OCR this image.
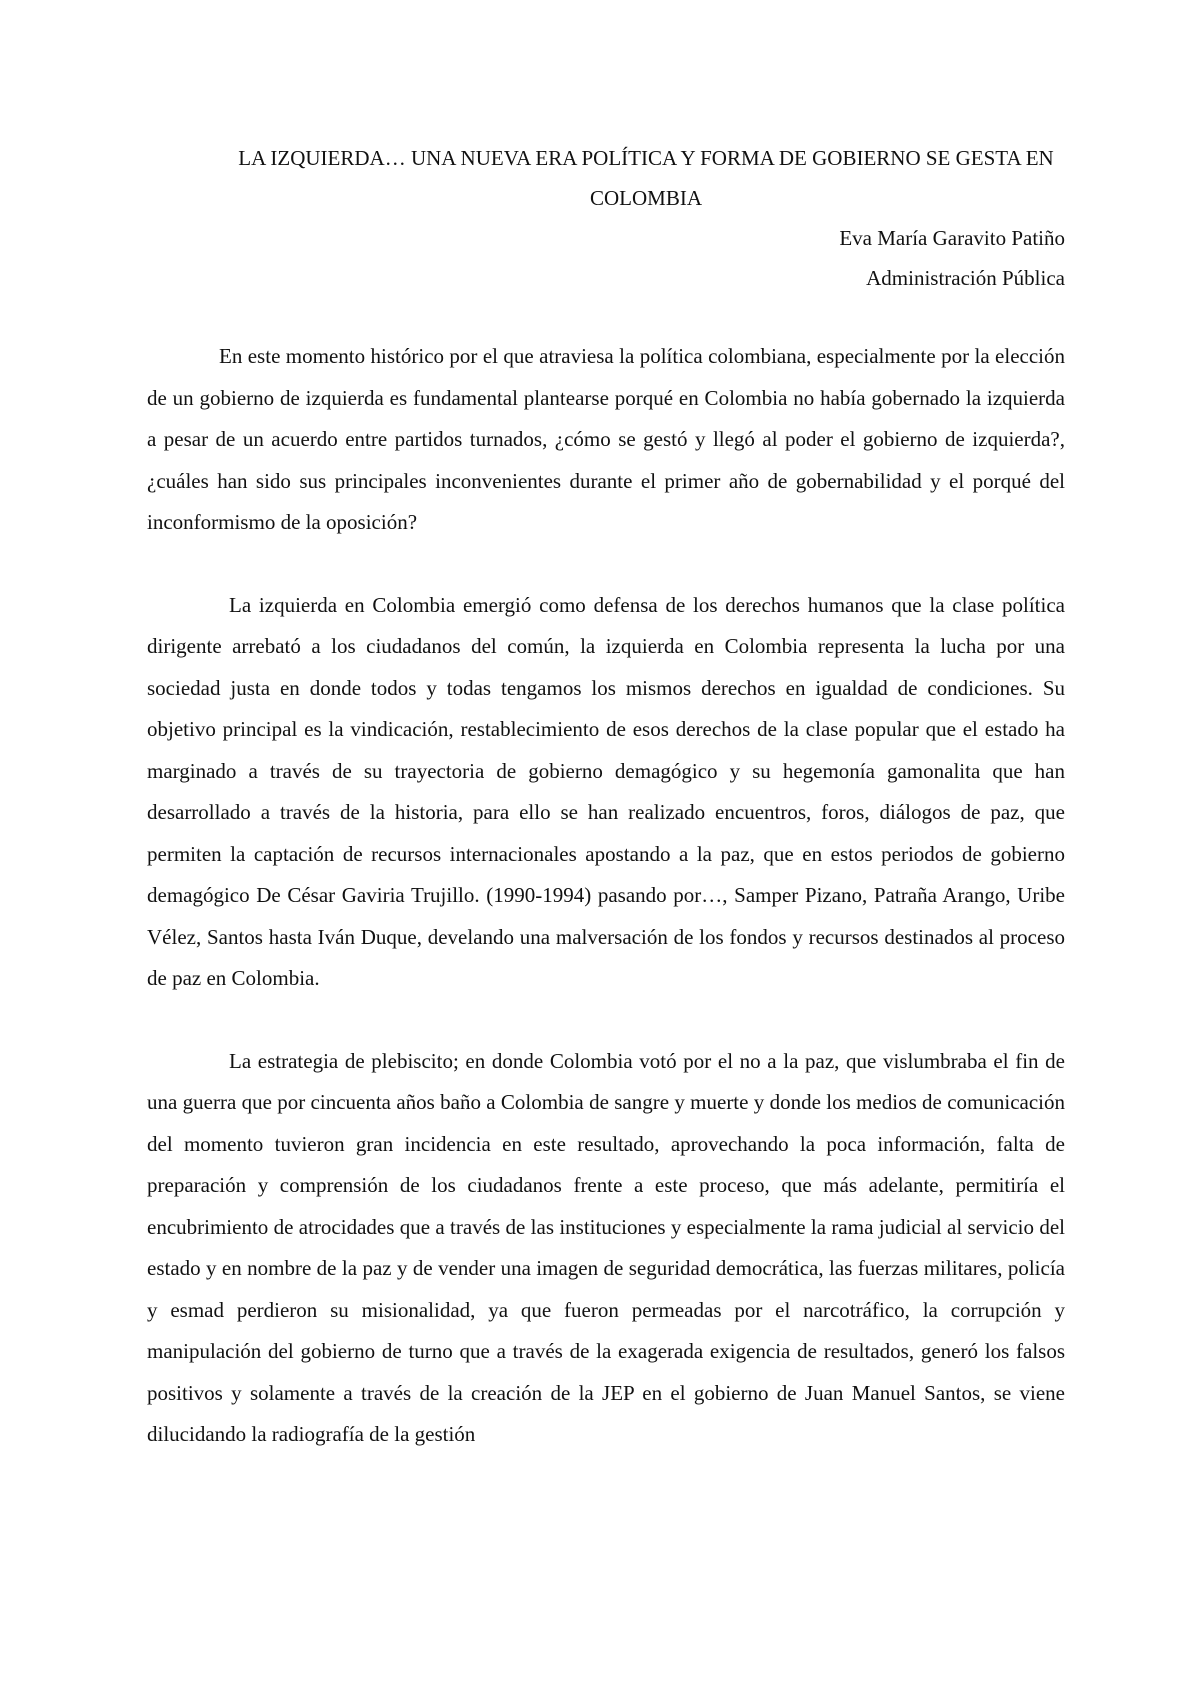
LA IZQUIERDA… UNA NUEVA ERA POLÍTICA Y FORMA DE GOBIERNO SE GESTA EN COLOMBIA

Eva María Garavito Patiño

Administración Pública

En este momento histórico por el que atraviesa la política colombiana, especialmente por la elección de un gobierno de izquierda es fundamental plantearse porqué en Colombia no había gobernado la izquierda a pesar de un acuerdo entre partidos turnados, ¿cómo se gestó y llegó al poder el gobierno de izquierda?, ¿cuáles han sido sus principales inconvenientes durante el primer año de gobernabilidad y el porqué del inconformismo de la oposición?

La izquierda en Colombia emergió como defensa de los derechos humanos que la clase política dirigente arrebató a los ciudadanos del común, la izquierda en Colombia representa la lucha por una sociedad justa en donde todos y todas tengamos los mismos derechos en igualdad de condiciones. Su objetivo principal es la vindicación, restablecimiento de esos derechos de la clase popular que el estado ha marginado a través de su trayectoria de gobierno demagógico y su hegemonía gamonalita que han desarrollado a través de la historia, para ello se han realizado encuentros, foros, diálogos de paz, que permiten la captación de recursos internacionales apostando a la paz, que en estos periodos de gobierno demagógico De César Gaviria Trujillo. (1990-1994) pasando por…, Samper Pizano, Patraña Arango, Uribe Vélez, Santos hasta Iván Duque, develando una malversación de los fondos y recursos destinados al proceso de paz en Colombia.

La estrategia de plebiscito; en donde Colombia votó por el no a la paz, que vislumbraba el fin de una guerra que por cincuenta años baño a Colombia de sangre y muerte y donde los medios de comunicación del momento tuvieron gran incidencia en este resultado, aprovechando la poca información, falta de preparación y comprensión de los ciudadanos frente a este proceso, que más adelante, permitiría el encubrimiento de atrocidades que a través de las instituciones y especialmente la rama judicial al servicio del estado y en nombre de la paz y de vender una imagen de seguridad democrática, las fuerzas militares, policía y esmad perdieron su misionalidad, ya que fueron permeadas por el narcotráfico, la corrupción y manipulación del gobierno de turno que a través de la exagerada exigencia de resultados, generó los falsos positivos y solamente a través de la creación de la JEP en el gobierno de Juan Manuel Santos, se viene dilucidando la radiografía de la gestión
